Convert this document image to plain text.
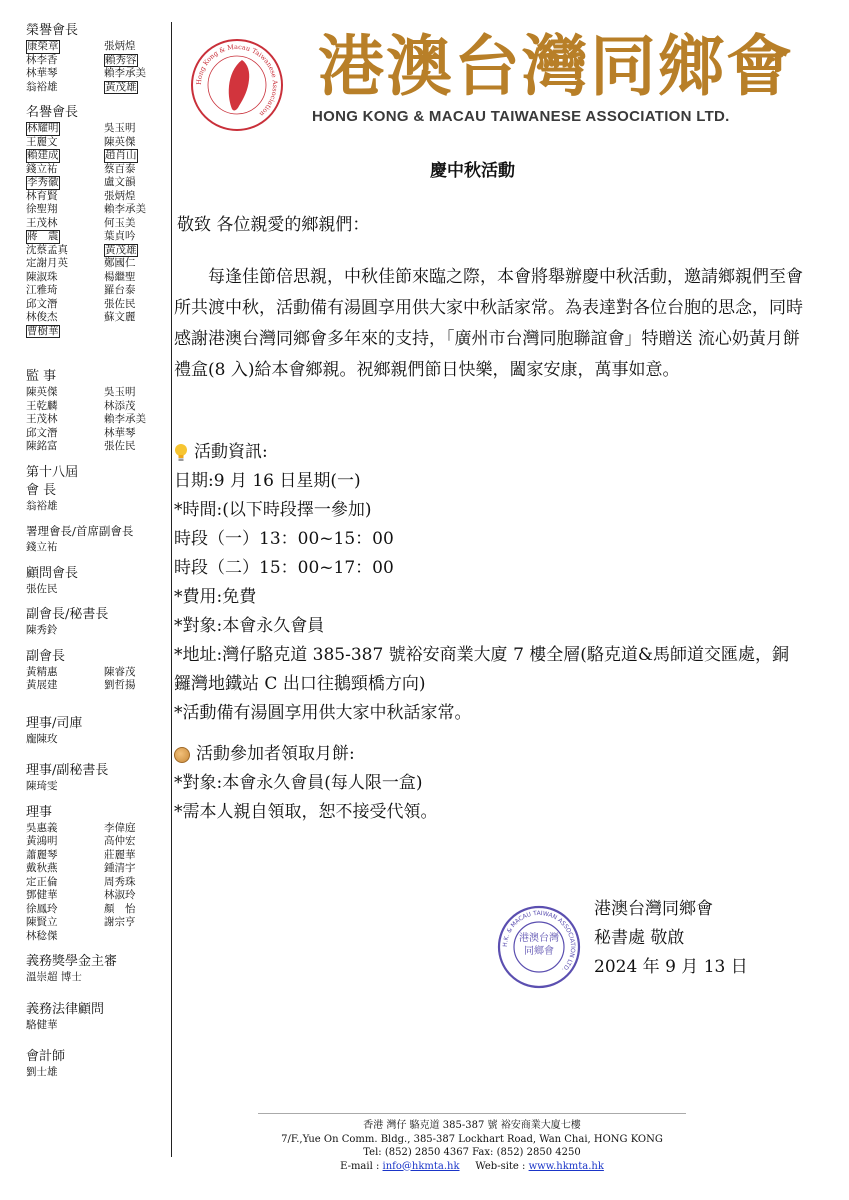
榮譽會長
康榮章	張炳煌
林李香	賴秀容
林華琴	賴李承美
翁裕雄	黃茂雄
名譽會長
林耀明	吳玉明
王麗文	陳英傑
賴建成	趙肖山
錢立祐	蔡百泰
李秀徽	盧文韻
林育賢	張炳煌
徐聖翔	賴李承美
王茂林	何玉美
蔣　震	葉貞吟
沈蔡孟真	黃茂雄
定謝月英	鄭國仁
陳淑珠	楊繼聖
江雅琦	羅台泰
邱文潛	張佐民
林俊杰	蘇文麗
曹樹華
監 事
陳英傑	吳玉明
王乾麟	林添茂
王茂林	賴李承美
邱文潛	林華琴
陳銘富	張佐民
第十八屆
會 長
翁裕雄
署理會長/首席副會長
錢立祐
顧問會長
張佐民
副會長/秘書長
陳秀鈴
副會長
黃精惠	陳睿茂
黃展建	劉哲揚
理事/司庫
龐陳玫
理事/副秘書長
陳琦雯
理事
吳惠義	李偉庭
黃鴻明	高仲宏
蕭麗琴	莊麗華
戴秋燕	鍾清宇
定正倫	周秀珠
鄧健華	林淑玲
徐鳳玲	顏　怡
陳賢立	謝宗亨
林稔傑
義務獎學金主審
溫崇超 博士
義務法律顧問
駱健華
會計師
劉士雄
Hong Kong & Macau Taiwanese Association
港澳台灣同鄉會
HONG KONG & MACAU TAIWANESE ASSOCIATION LTD.
慶中秋活動
敬致 各位親愛的鄉親們：
每逢佳節倍思親，中秋佳節來臨之際，本會將舉辦慶中秋活動，邀請鄉親們至會所共渡中秋，活動備有湯圓享用供大家中秋話家常。為表達對各位台胞的思念，同時感謝港澳台灣同鄉會多年來的支持，「廣州市台灣同胞聯誼會」特贈送 流心奶黃月餅禮盒(8 入)給本會鄉親。祝鄉親們節日快樂，闔家安康，萬事如意。
活動資訊:
日期:9 月 16 日星期(一)
*時間:(以下時段擇一參加)
時段（一）13：00~15：00
時段（二）15：00~17：00
*費用:免費
*對象:本會永久會員
*地址:灣仔駱克道 385-387 號裕安商業大廈 7 樓全層(駱克道&馬師道交匯處，銅鑼灣地鐵站 C 出口往鵝頸橋方向)
*活動備有湯圓享用供大家中秋話家常。
活動參加者領取月餅:
*對象:本會永久會員(每人限一盒)
*需本人親自領取，恕不接受代領。
H.K. & MACAU TAIWAN ASSOCIATION LTD.
港澳台灣同鄉會
港澳台灣同鄉會
秘書處 敬啟
2024 年 9 月 13 日
香港 灣仔 駱克道 385-387 號 裕安商業大廈七樓
7/F.,Yue On Comm. Bldg., 385-387 Lockhart Road, Wan Chai, HONG KONG
Tel: (852) 2850 4367 Fax: (852) 2850 4250
E-mail : info@hkmta.hk     Web-site : www.hkmta.hk
